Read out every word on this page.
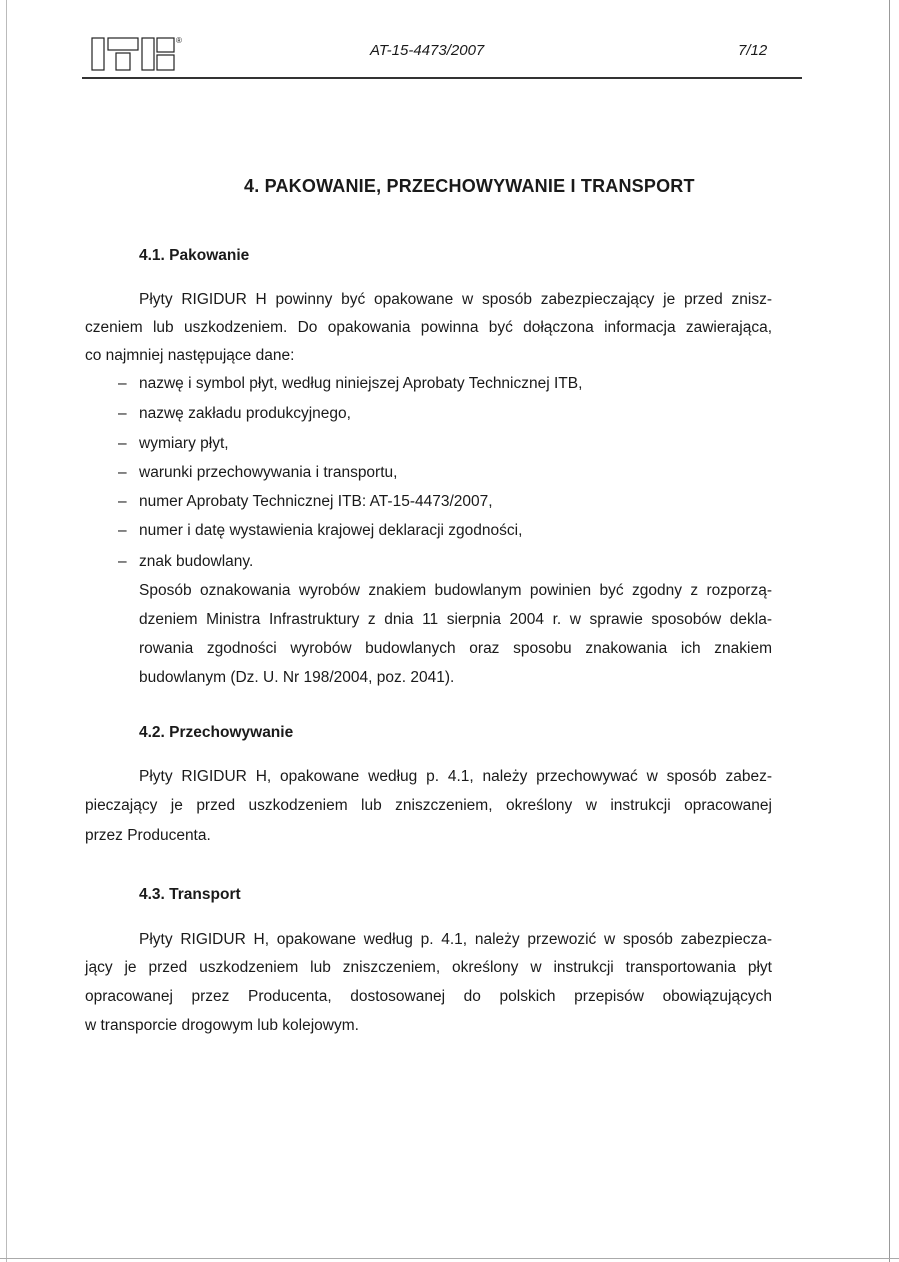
®
AT-15-4473/2007	7/12
4. PAKOWANIE, PRZECHOWYWANIE I TRANSPORT
4.1. Pakowanie
Płyty RIGIDUR H powinny być opakowane w sposób zabezpieczający je przed znisz-
czeniem lub uszkodzeniem. Do opakowania powinna być dołączona informacja zawierająca,
co najmniej następujące dane:
– nazwę i symbol płyt, według niniejszej Aprobaty Technicznej ITB,
– nazwę zakładu produkcyjnego,
– wymiary płyt,
– warunki przechowywania i transportu,
– numer Aprobaty Technicznej ITB: AT-15-4473/2007,
– numer i datę wystawienia krajowej deklaracji zgodności,
– znak budowlany.
Sposób oznakowania wyrobów znakiem budowlanym powinien być zgodny z rozporzą-
dzeniem Ministra Infrastruktury z dnia 11 sierpnia 2004 r. w sprawie sposobów dekla-
rowania zgodności wyrobów budowlanych oraz sposobu znakowania ich znakiem
budowlanym (Dz. U. Nr 198/2004, poz. 2041).
4.2. Przechowywanie
Płyty RIGIDUR H, opakowane według p. 4.1, należy przechowywać w sposób zabez-
pieczający je przed uszkodzeniem lub zniszczeniem, określony w instrukcji opracowanej
przez Producenta.
4.3. Transport
Płyty RIGIDUR H, opakowane według p. 4.1, należy przewozić w sposób zabezpiecza-
jący je przed uszkodzeniem lub zniszczeniem, określony w instrukcji transportowania płyt
opracowanej przez Producenta, dostosowanej do polskich przepisów obowiązujących
w transporcie drogowym lub kolejowym.
